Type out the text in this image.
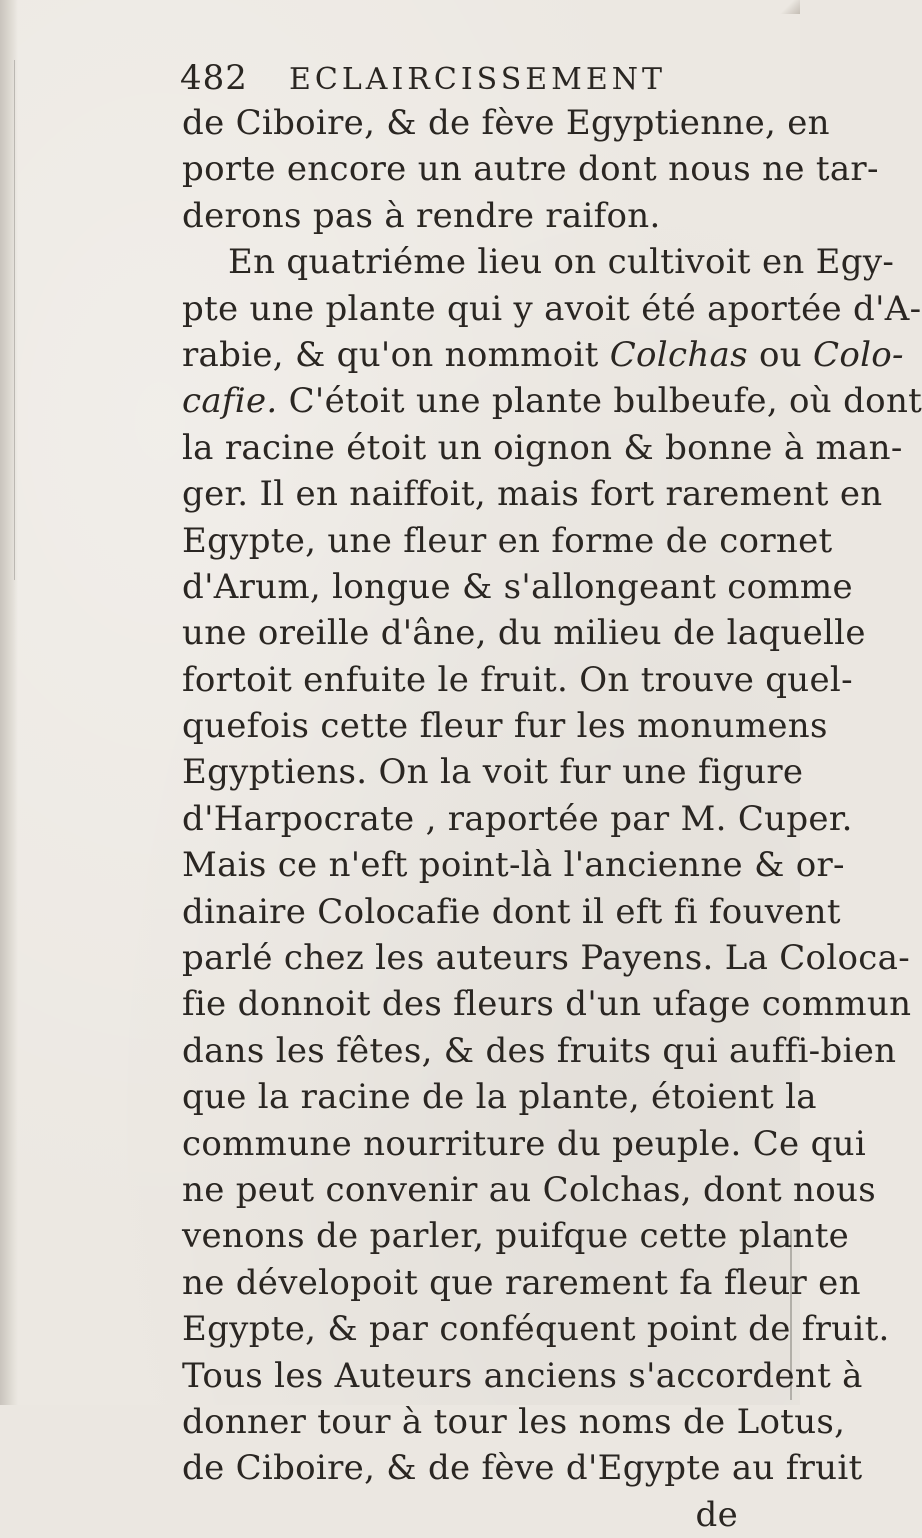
482 ECLAIRCISSEMENT
de Ciboire, & de fève Egyptienne, en
porte encore un autre dont nous ne tar-
derons pas à rendre raifon.
En quatriéme lieu on cultivoit en Egy-
pte une plante qui y avoit été aportée d'A-
rabie, & qu'on nommoit Colchas ou Colo-
cafie. C'étoit une plante bulbeufe, où dont
la racine étoit un oignon & bonne à man-
ger. Il en naiffoit, mais fort rarement en
Egypte, une fleur en forme de cornet
d'Arum, longue & s'allongeant comme
une oreille d'âne, du milieu de laquelle
fortoit enfuite le fruit. On trouve quel-
quefois cette fleur fur les monumens
Egyptiens. On la voit fur une figure
d'Harpocrate , raportée par M. Cuper.
Mais ce n'eft point-là l'ancienne & or-
dinaire Colocafie dont il eft fi fouvent
parlé chez les auteurs Payens. La Coloca-
fie donnoit des fleurs d'un ufage commun
dans les fêtes, & des fruits qui auffi-bien
que la racine de la plante, étoient la
commune nourriture du peuple. Ce qui
ne peut convenir au Colchas, dont nous
venons de parler, puifque cette plante
ne dévelopoit que rarement fa fleur en
Egypte, & par conféquent point de fruit.
Tous les Auteurs anciens s'accordent à
donner tour à tour les noms de Lotus,
de Ciboire, & de fève d'Egypte au fruit
de
